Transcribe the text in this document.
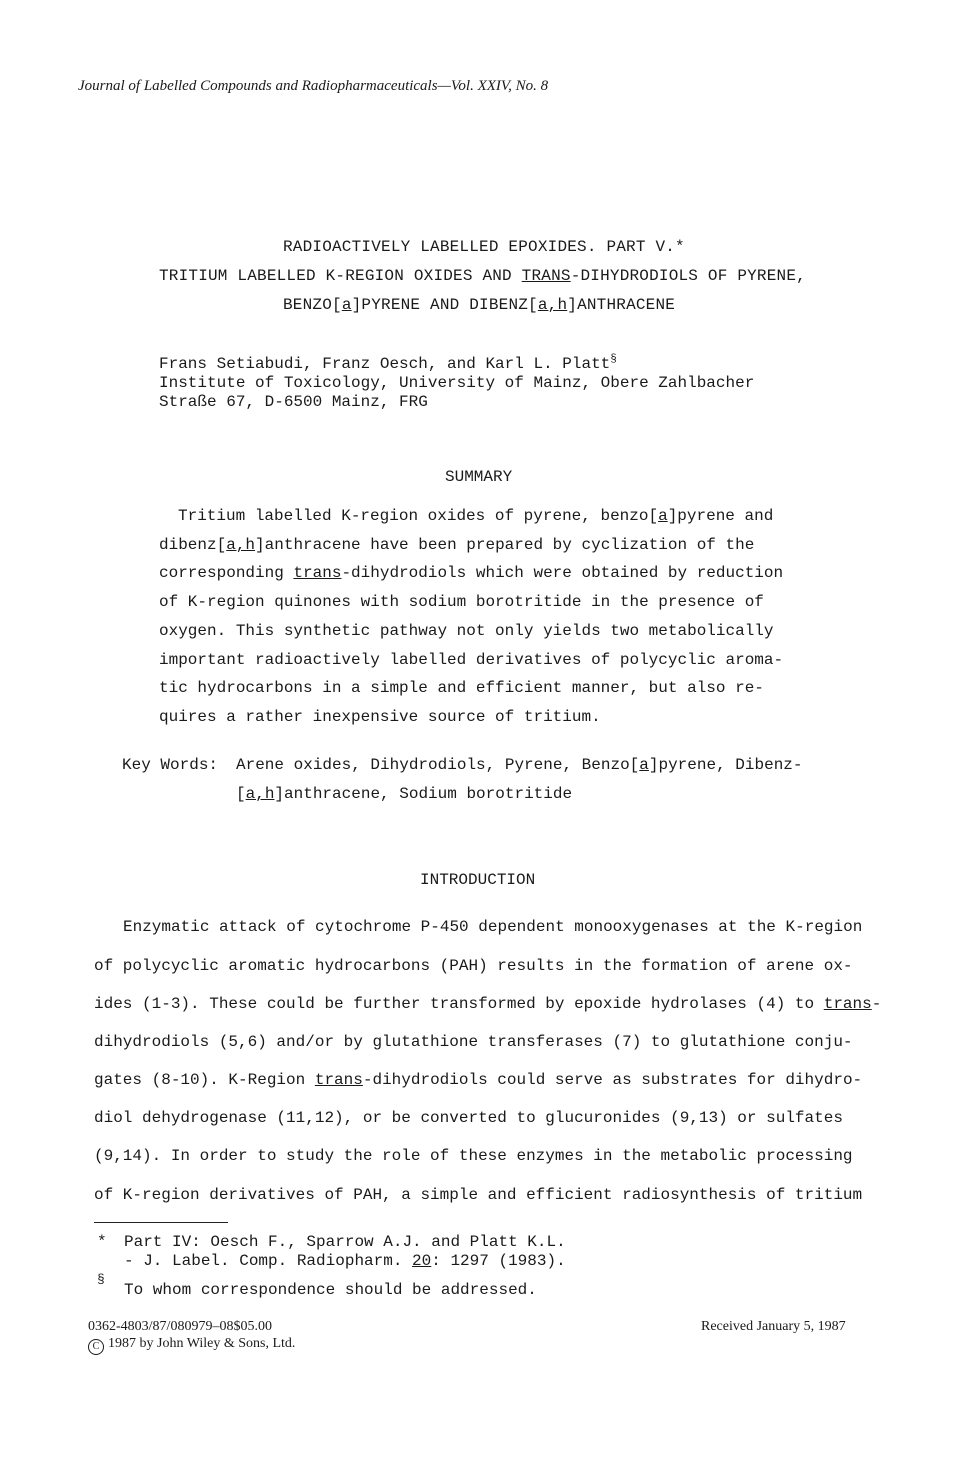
Journal of Labelled Compounds and Radiopharmaceuticals—Vol. XXIV, No. 8
RADIOACTIVELY LABELLED EPOXIDES. PART V.*
TRITIUM LABELLED K-REGION OXIDES AND TRANS-DIHYDRODIOLS OF PYRENE,
BENZO[a]PYRENE AND DIBENZ[a,h]ANTHRACENE
Frans Setiabudi, Franz Oesch, and Karl L. Platt§
Institute of Toxicology, University of Mainz, Obere Zahlbacher
Straße 67, D-6500 Mainz, FRG
SUMMARY
Tritium labelled K-region oxides of pyrene, benzo[a]pyrene and
dibenz[a,h]anthracene have been prepared by cyclization of the
corresponding trans-dihydrodiols which were obtained by reduction
of K-region quinones with sodium borotritide in the presence of
oxygen. This synthetic pathway not only yields two metabolically
important radioactively labelled derivatives of polycyclic aroma-
tic hydrocarbons in a simple and efficient manner, but also re-
quires a rather inexpensive source of tritium.
Key Words: Arene oxides, Dihydrodiols, Pyrene, Benzo[a]pyrene, Dibenz-
[a,h]anthracene, Sodium borotritide
INTRODUCTION
Enzymatic attack of cytochrome P-450 dependent monooxygenases at the K-region
of polycyclic aromatic hydrocarbons (PAH) results in the formation of arene ox-
ides (1-3). These could be further transformed by epoxide hydrolases (4) to trans-
dihydrodiols (5,6) and/or by glutathione transferases (7) to glutathione conju-
gates (8-10). K-Region trans-dihydrodiols could serve as substrates for dihydro-
diol dehydrogenase (11,12), or be converted to glucuronides (9,13) or sulfates
(9,14). In order to study the role of these enzymes in the metabolic processing
of K-region derivatives of PAH, a simple and efficient radiosynthesis of tritium
* Part IV: Oesch F., Sparrow A.J. and Platt K.L.
- J. Label. Comp. Radiopharm. 20: 1297 (1983).
§
To whom correspondence should be addressed.
0362-4803/87/080979–08$05.00
C 1987 by John Wiley & Sons, Ltd.
Received January 5, 1987
